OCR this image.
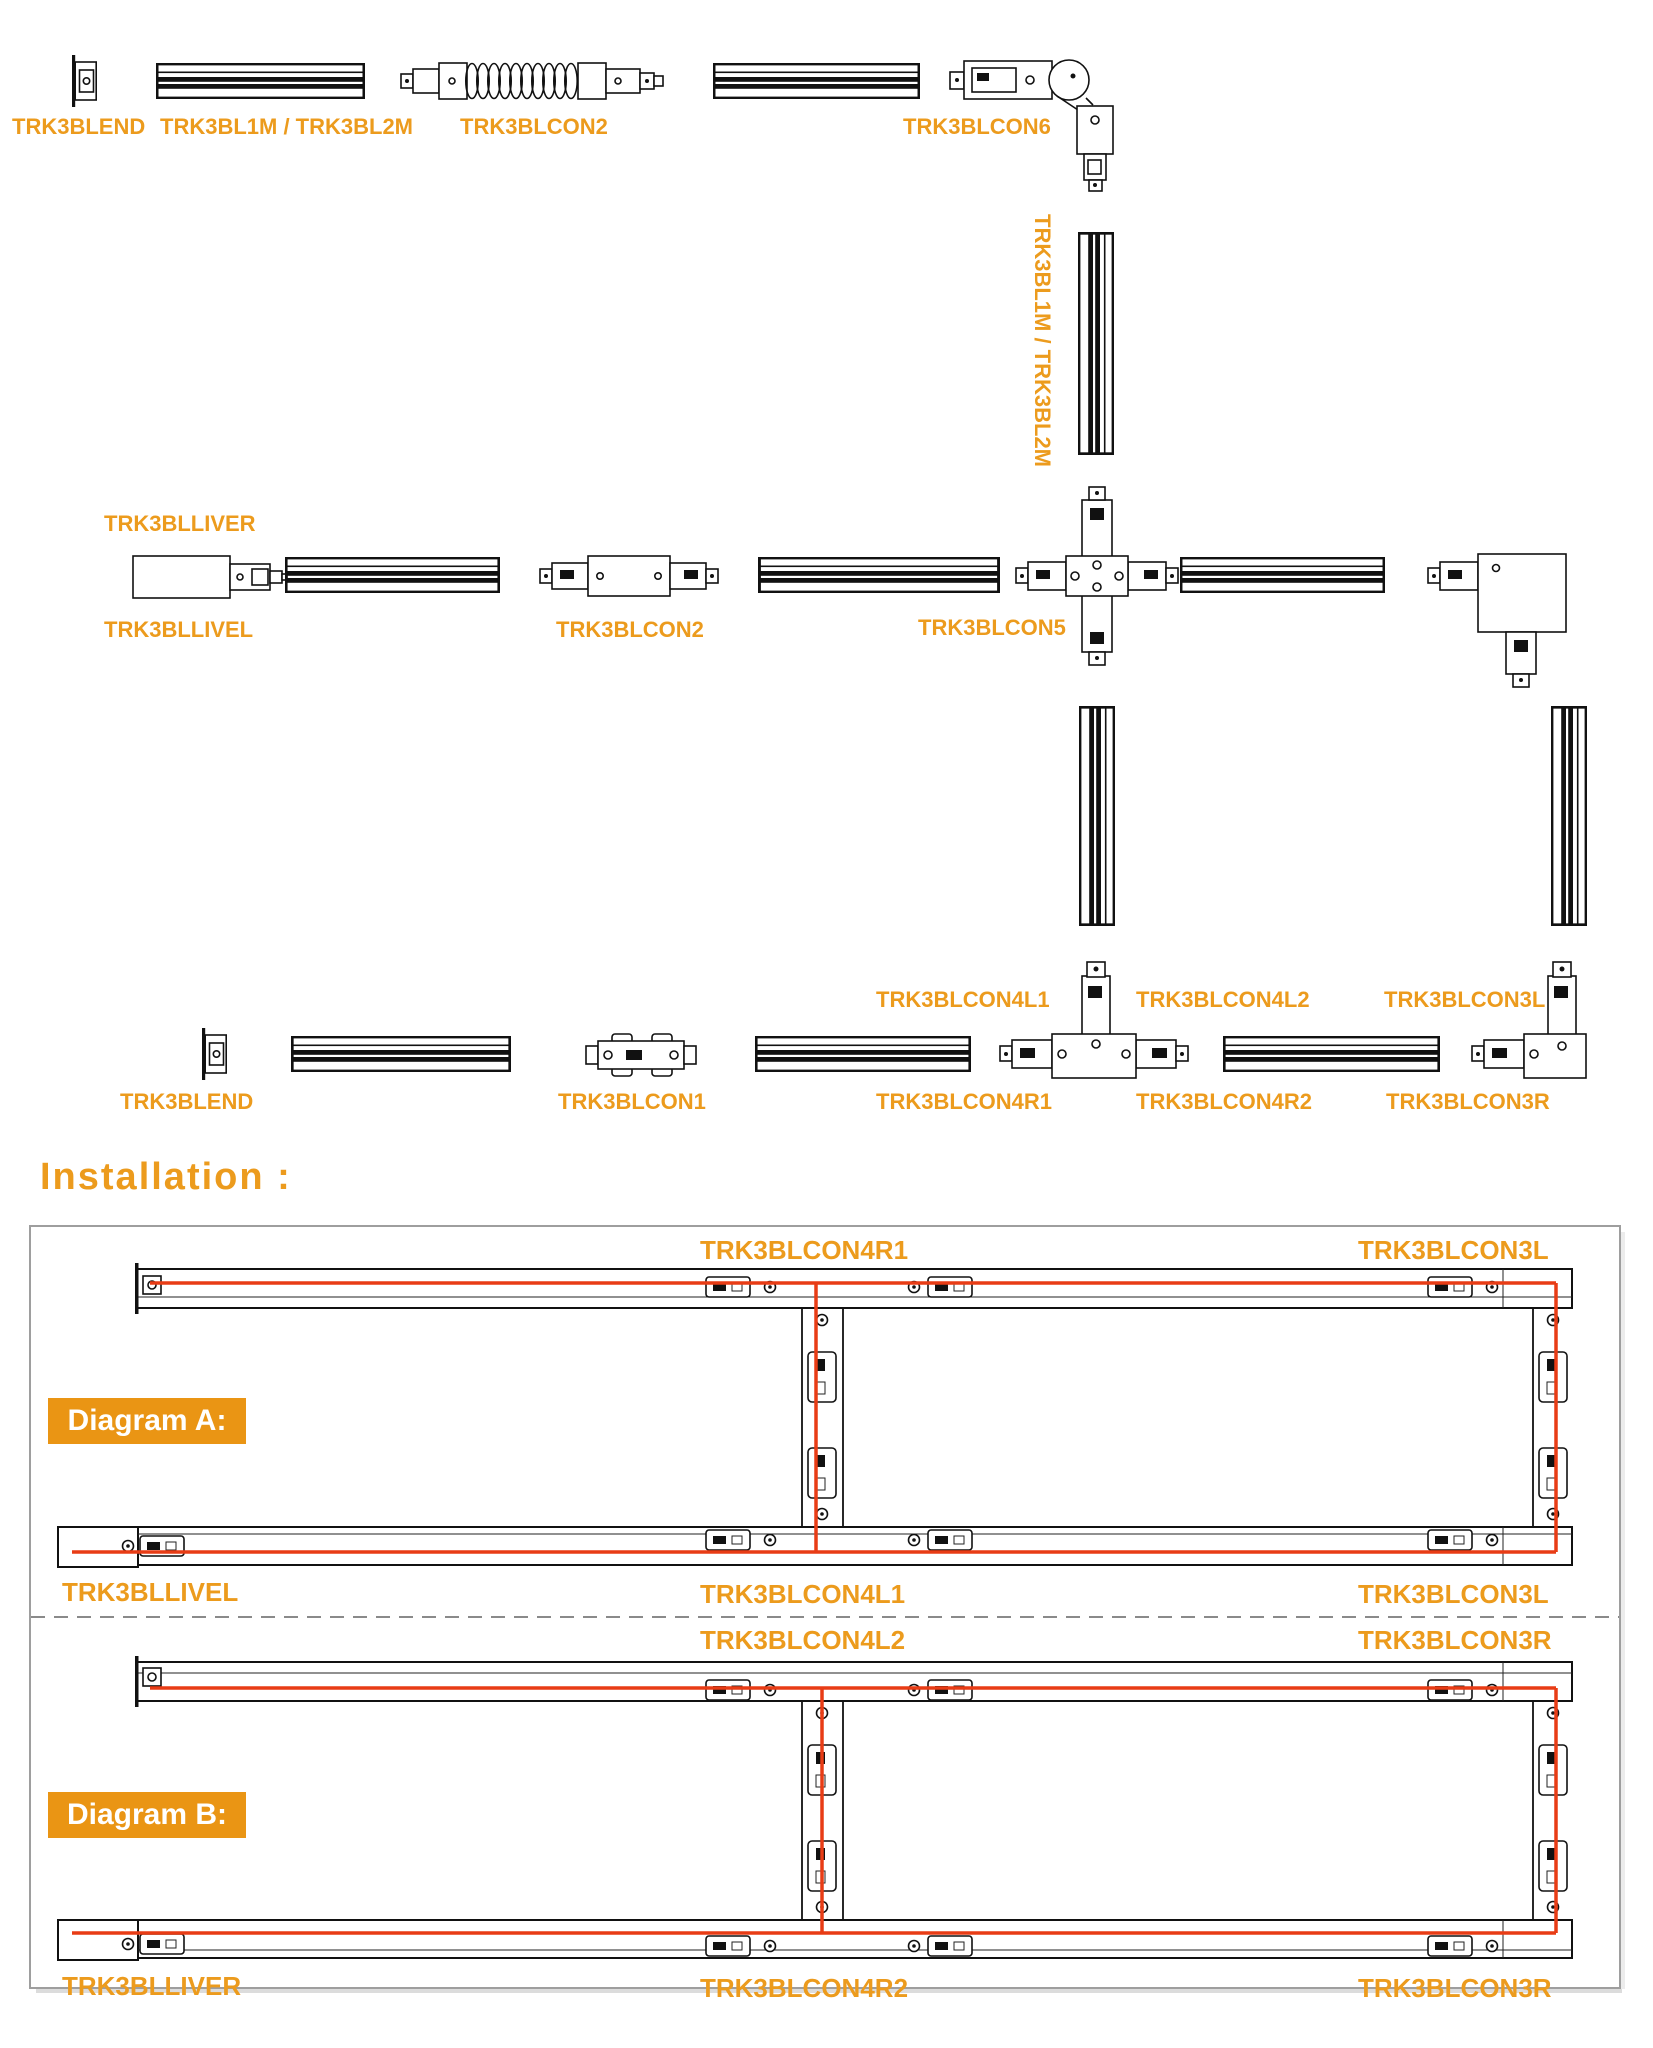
TRK3BLEND TRK3BL1M / TRK3BL2M TRK3BLCON2	TRK3BLCON6
TRK3BL1M / TRK3BL2M
TRK3BLLIVER
TRK3BLLIVEL	TRK3BLCON2	TRK3BLCON5
TRK3BLCON4L1	TRK3BLCON4L2	TRK3BLCON3L
TRK3BLEND	TRK3BLCON1	TRK3BLCON4R1	TRK3BLCON4R2	TRK3BLCON3R
Installation :
TRK3BLCON4R1	TRK3BLCON3L
Diagram A:
TRK3BLLIVEL	TRK3BLCON4L1	TRK3BLCON3L
TRK3BLCON4L2	TRK3BLCON3R
Diagram B:
TRK3BLLIVER	TRK3BLCON4R2	TRK3BLCON3R
